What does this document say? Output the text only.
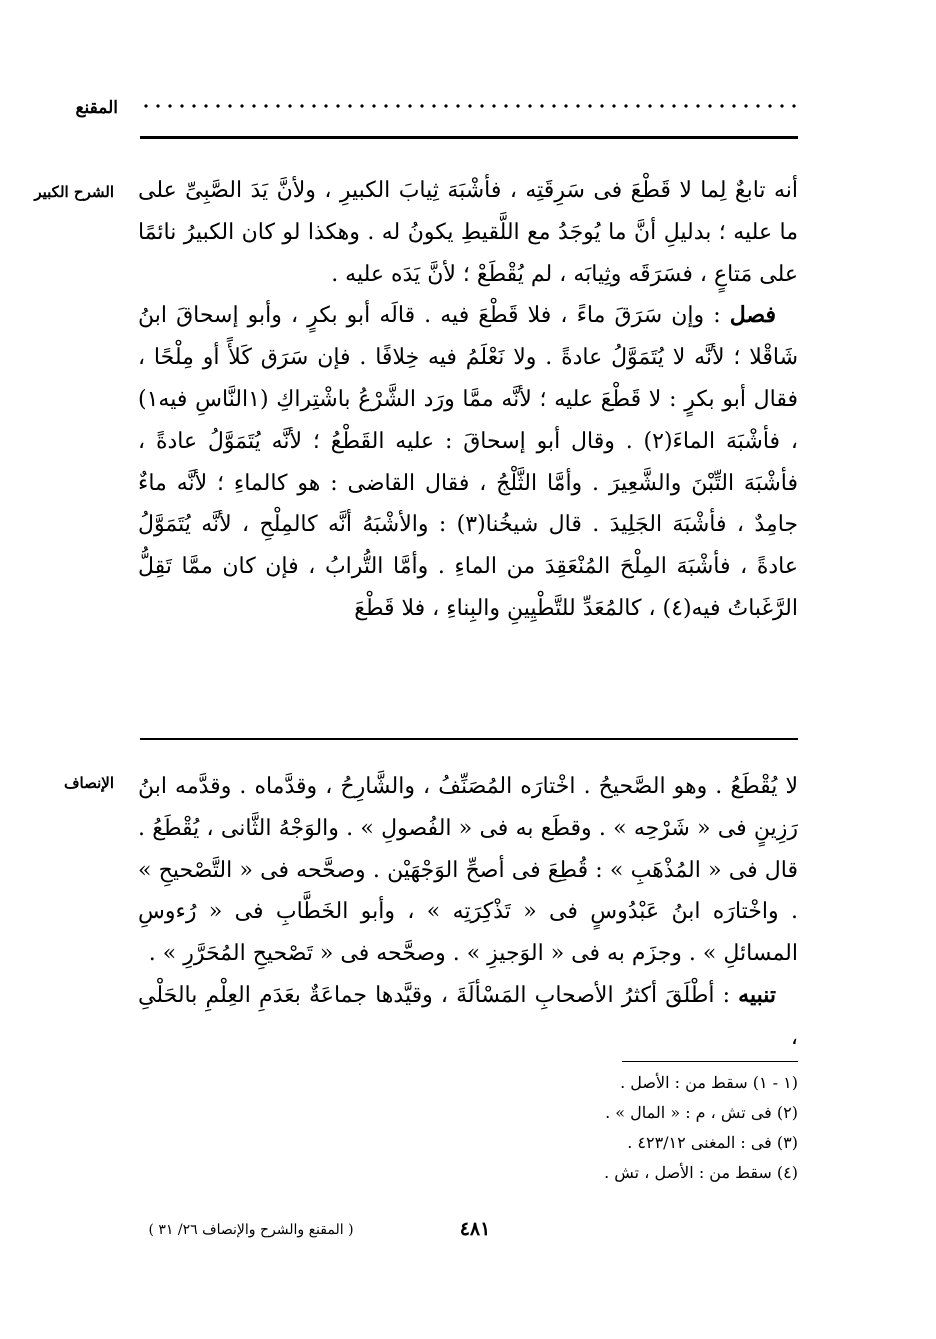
المقنع
الشرح الكبير أنه تابعٌ لِما لا قَطْعَ فى سَرِقَتِه ، فأشْبَهَ ثِيابَ الكبيرِ ، ولأنَّ يَدَ الصَّبِىِّ على ما عليه ؛ بدليلِ أنَّ ما يُوجَدُ مع اللَّقيطِ يكونُ له . وهكذا لو كان الكبيرُ نائمًا على مَتاعٍ ، فسَرَقَه وثِيابَه ، لم يُقْطَعْ ؛ لأنَّ يَدَه عليه .

فصل : وإن سَرَقَ ماءً ، فلا قَطْعَ فيه . قالَه أبو بكرٍ ، وأبو إسحاقَ ابنُ شَاقْلا ؛ لأنَّه لا يُتَمَوَّلُ عادةً . ولا نَعْلَمُ فيه خِلافًا . فإن سَرَق كَلأً أو مِلْحًا ، فقال أبو بكرٍ : لا قَطْعَ عليه ؛ لأنَّه ممَّا ورَد الشَّرْعُ باشْتِراكِ (١النَّاسِ فيه١) ، فأشْبَهَ الماءَ(٢) . وقال أبو إسحاقَ : عليه القَطْعُ ؛ لأنَّه يُتَمَوَّلُ عادةً ، فأشْبَهَ التِّبْنَ والشَّعِيرَ . وأمَّا الثَّلْجُ ، فقال القاضى : هو كالماءِ ؛ لأنَّه ماءٌ جامِدٌ ، فأشْبَهَ الجَلِيدَ . قال شيخُنا(٣) : والأشْبَهُ أنَّه كالمِلْحِ ، لأنَّه يُتَمَوَّلُ عادةً ، فأشْبَهَ المِلْحَ المُنْعَقِدَ من الماءِ . وأمَّا التُّرابُ ، فإن كان ممَّا تَقِلُّ الرَّغَباتُ فيه(٤) ، كالمُعَدِّ للتَّطْيِينِ والبِناءِ ، فلا قَطْعَ

الإنصاف لا يُقْطَعُ . وهو الصَّحيحُ . اخْتارَه المُصَنِّفُ ، والشَّارِحُ ، وقدَّماه . وقدَّمه ابنُ رَزِينٍ فى « شَرْحِه » . وقطَع به فى « الفُصولِ » . والوَجْهُ الثَّانى ، يُقْطَعُ . قال فى « المُذْهَبِ » : قُطِعَ فى أصحِّ الوَجْهَيْن . وصحَّحه فى « التَّصْحيحِ » . واخْتارَه ابنُ عَبْدُوسٍ فى « تَذْكِرَتِه » ، وأبو الخَطَّابِ فى « رُءوسِ المسائلِ » . وجزَم به فى « الوَجيزِ » . وصحَّحه فى « تَصْحيحِ المُحَرَّرِ » .

تنبيه : أطْلَقَ أكثرُ الأصحابِ المَسْألَةَ ، وقيَّدها جماعَةٌ بعَدَمِ العِلْمِ بالحَلْىِ ،

(١ - ١) سقط من : الأصل .

(٢) فى تش ، م : « المال » .

(٣) فى : المغنى ٤٢٣/١٢ .

(٤) سقط من : الأصل ، تش .

٤٨١
( المقنع والشرح والإنصاف ٢٦/ ٣١ )
